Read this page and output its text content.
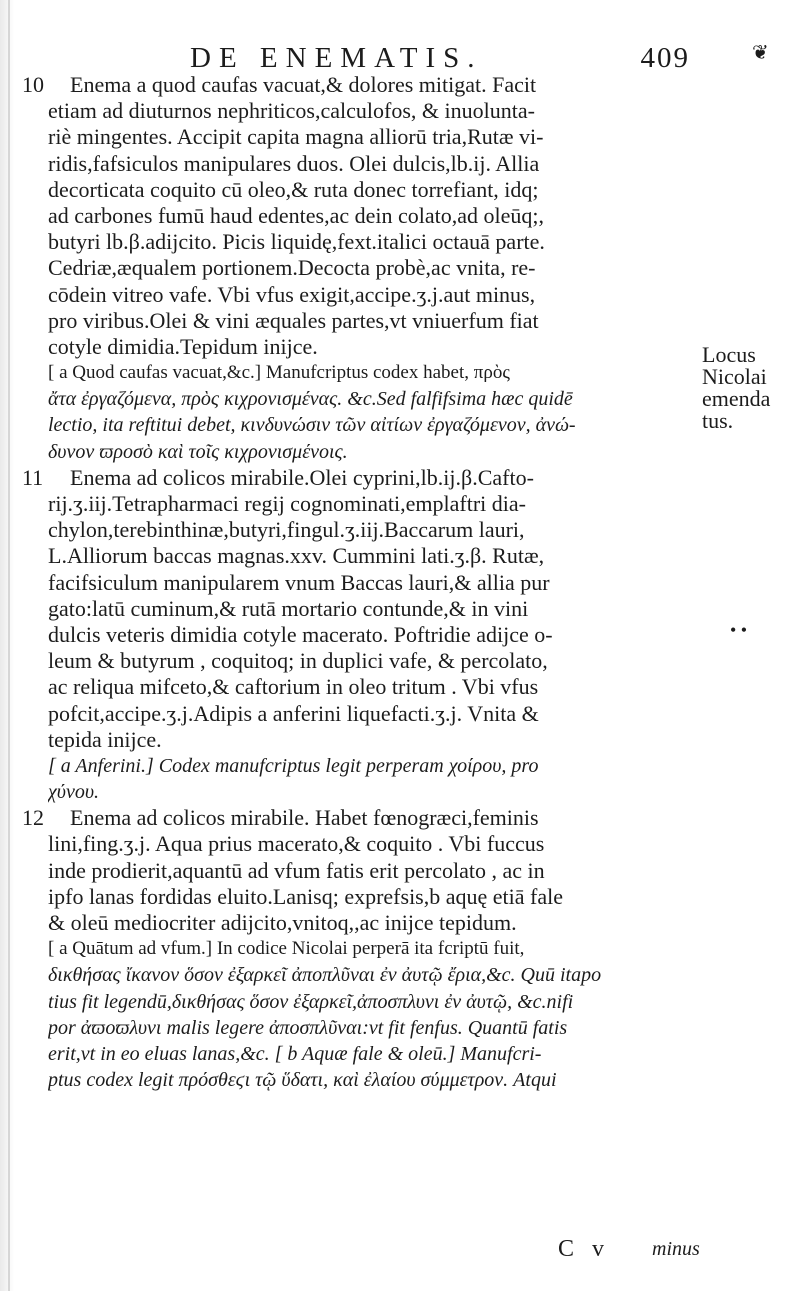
❦
DE ENEMATIS.	409
10	Enema a quod caufas vacuat,& dolores mitigat. Facit
etiam ad diuturnos nephriticos,calculofos, & inuolunta-
riè mingentes. Accipit capita magna alliorū tria,Rutæ vi-
ridis,fafsiculos manipulares duos. Olei dulcis,lb.ij. Allia
decorticata coquito cū oleo,& ruta donec torrefiant, idq;
ad carbones fumū haud edentes,ac dein colato,ad oleūq;,
butyri lb.β.adijcito. Picis liquidę,fext.italici octauā parte.
Cedriæ,æqualem portionem.Decocta probè,ac vnita, re-
cōdein vitreo vafe. Vbi vfus exigit,accipe.ʒ.j.aut minus,
pro viribus.Olei & vini æquales partes,vt vniuerfum fiat
cotyle dimidia.Tepidum inijce.
[ a Quod caufas vacuat,&c.] Manufcriptus codex habet, πρὸς
ἄτα ἐργαζόμενα, πρὸς κιχρονισμένας. &c.Sed falfifsima hæc quidē
lectio, ita reftitui debet, κινδυνώσιν τῶν αἰτίων ἐργαζόμενον, ἀνώ-
δυνον ϖροσὸ καὶ τοῖς κιχρονισμένοις.
11	Enema ad colicos mirabile.Olei cyprini,lb.ij.β.Cafto-
rij.ʒ.iij.Tetrapharmaci regij cognominati,emplaftri dia-
chylon,terebinthinæ,butyri,fingul.ʒ.iij.Baccarum lauri,
L.Alliorum baccas magnas.xxv. Cummini lati.ʒ.β. Rutæ,
facifsiculum manipularem vnum Baccas lauri,& allia pur
gato:latū cuminum,& rutā mortario contunde,& in vini
dulcis veteris dimidia cotyle macerato. Poftridie adijce o-
leum & butyrum , coquitoq; in duplici vafe, & percolato,
ac reliqua mifceto,& caftorium in oleo tritum . Vbi vfus
pofcit,accipe.ʒ.j.Adipis a anferini liquefacti.ʒ.j. Vnita &
tepida inijce.
[ a Anferini.] Codex manufcriptus legit perperam χοίρου, pro
χύνου.
12	Enema ad colicos mirabile. Habet fœnogræci,feminis
lini,fing.ʒ.j. Aqua prius macerato,& coquito . Vbi fuccus
inde prodierit,aquantū ad vfum fatis erit percolato , ac in
ipfo lanas fordidas eluito.Lanisq; exprefsis,b aquę etiā fale
& oleū mediocriter adijcito,vnitoq,,ac inijce tepidum.
[ a Quātum ad vfum.] In codice Nicolai perperā ita fcriptū fuit,
δικθήσας ἴκανον ὅσον ἐξαρκεῖ ἀποπλῦναι ἐν ἀυτῷ ἔρια,&c. Quū itapo
tius fit legendū,δικθήσας ὅσον ἐξαρκεῖ,ἀποσπλυνι ἐν ἀυτῷ, &c.nifi
por ἀϖοϖλυνι malis legere ἀποσπλῦναι:vt fit fenfus. Quantū fatis
erit,vt in eo eluas lanas,&c. [ b Aquæ fale & oleū.] Manufcri-
ptus codex legit πρόσθεϛι τῷ ὕδατι, καὶ ἐλαίου σύμμετρον. Atqui
Locus
Nicolai
emenda
tus.
• •
C v minus
